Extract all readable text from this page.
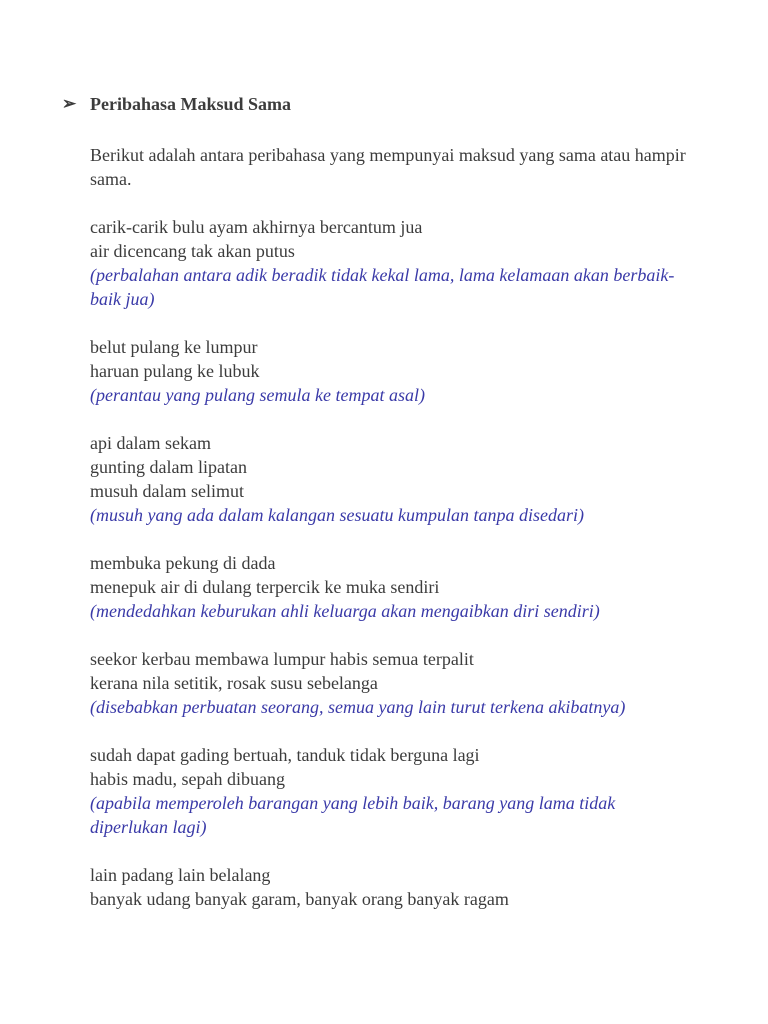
➢ Peribahasa Maksud Sama
Berikut adalah antara peribahasa yang mempunyai maksud yang sama atau hampir sama.
carik-carik bulu ayam akhirnya bercantum jua
air dicencang tak akan putus
(perbalahan antara adik beradik tidak kekal lama, lama kelamaan akan berbaik-baik jua)
belut pulang ke lumpur
haruan pulang ke lubuk
(perantau yang pulang semula ke tempat asal)
api dalam sekam
gunting dalam lipatan
musuh dalam selimut
(musuh yang ada dalam kalangan sesuatu kumpulan tanpa disedari)
membuka pekung di dada
menepuk air di dulang terpercik ke muka sendiri
(mendedahkan keburukan ahli keluarga akan mengaibkan diri sendiri)
seekor kerbau membawa lumpur habis semua terpalit
kerana nila setitik, rosak susu sebelanga
(disebabkan perbuatan seorang, semua yang lain turut terkena akibatnya)
sudah dapat gading bertuah, tanduk tidak berguna lagi
habis madu, sepah dibuang
(apabila memperoleh barangan yang lebih baik, barang yang lama tidak diperlukan lagi)
lain padang lain belalang
banyak udang banyak garam, banyak orang banyak ragam
